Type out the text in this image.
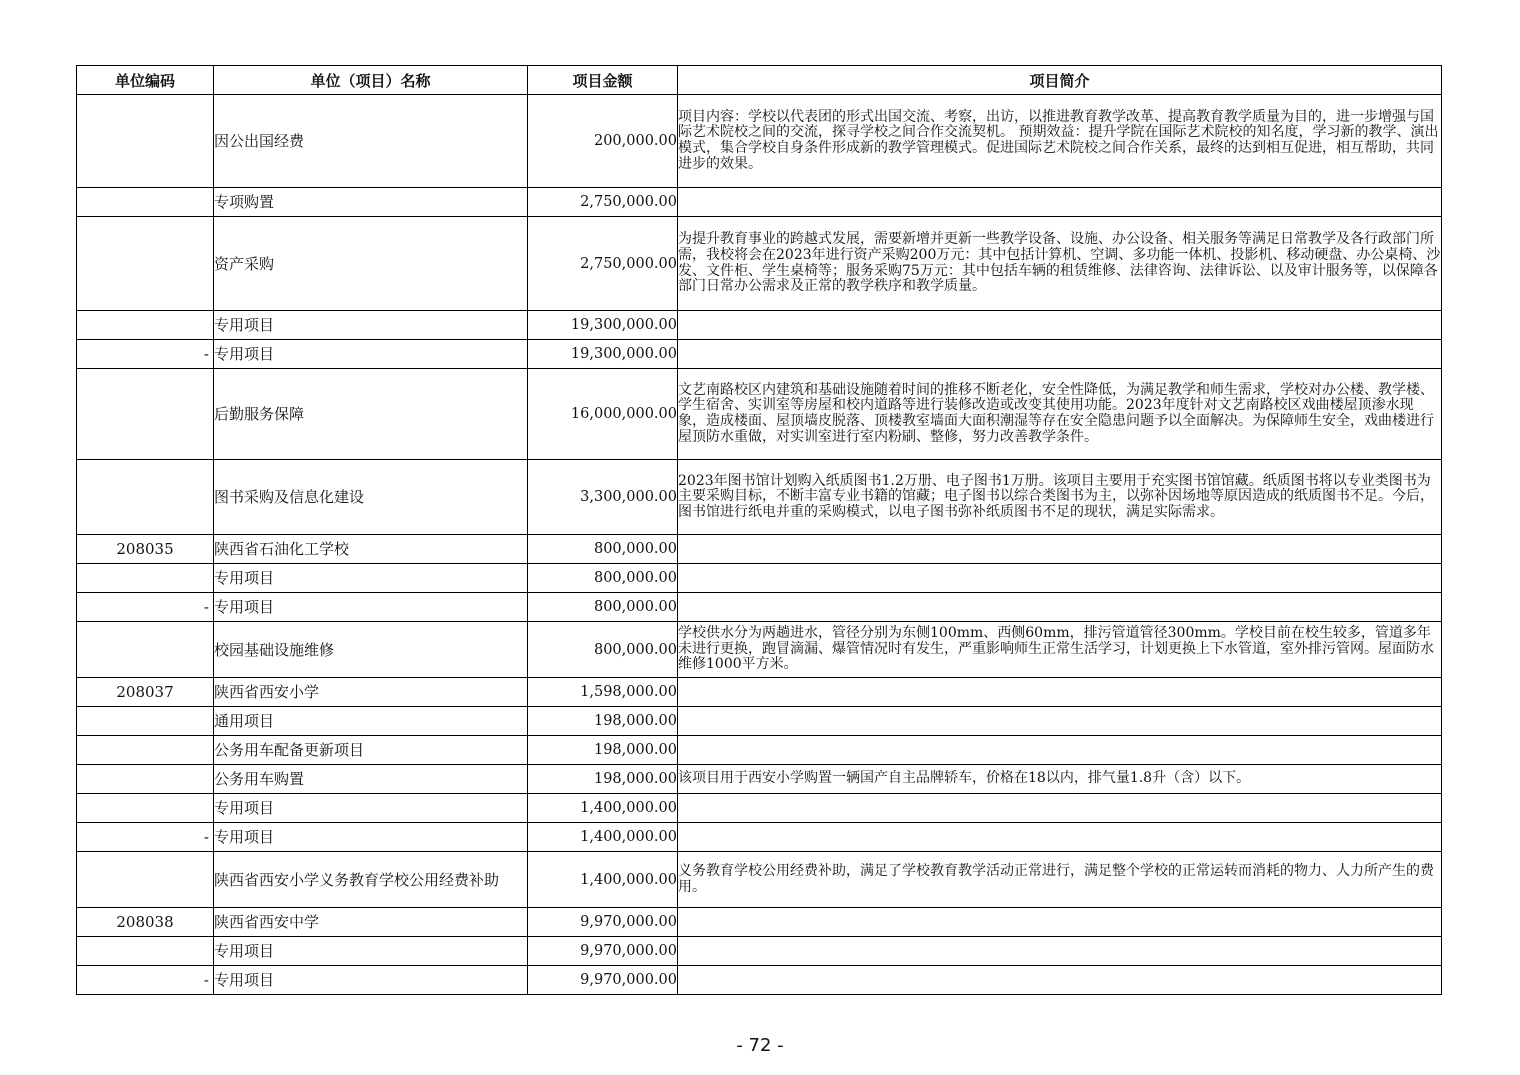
单位编码	单位（项目）名称	项目金额	项目简介
	因公出国经费	200,000.00	项目内容：学校以代表团的形式出国交流、考察，出访，以推进教育教学改革、提高教育教学质量为目的，进一步增强与国际艺术院校之间的交流，探寻学校之间合作交流契机。 预期效益：提升学院在国际艺术院校的知名度，学习新的教学、演出模式，集合学校自身条件形成新的教学管理模式。促进国际艺术院校之间合作关系，最终的达到相互促进，相互帮助，共同进步的效果。
	专项购置	2,750,000.00	
	资产采购	2,750,000.00	为提升教育事业的跨越式发展，需要新增并更新一些教学设备、设施、办公设备、相关服务等满足日常教学及各行政部门所需，我校将会在2023年进行资产采购200万元：其中包括计算机、空调、多功能一体机、投影机、移动硬盘、办公桌椅、沙发、文件柜、学生桌椅等；服务采购75万元：其中包括车辆的租赁维修、法律咨询、法律诉讼、以及审计服务等，以保障各部门日常办公需求及正常的教学秩序和教学质量。
	专用项目	19,300,000.00	
-	专用项目	19,300,000.00	
	后勤服务保障	16,000,000.00	文艺南路校区内建筑和基础设施随着时间的推移不断老化，安全性降低，为满足教学和师生需求，学校对办公楼、教学楼、学生宿舍、实训室等房屋和校内道路等进行装修改造或改变其使用功能。2023年度针对文艺南路校区戏曲楼屋顶渗水现象，造成楼面、屋顶墙皮脱落、顶楼教室墙面大面积潮湿等存在安全隐患问题予以全面解决。为保障师生安全，戏曲楼进行屋顶防水重做，对实训室进行室内粉刷、整修，努力改善教学条件。
	图书采购及信息化建设	3,300,000.00	2023年图书馆计划购入纸质图书1.2万册、电子图书1万册。该项目主要用于充实图书馆馆藏。纸质图书将以专业类图书为主要采购目标，不断丰富专业书籍的馆藏；电子图书以综合类图书为主，以弥补因场地等原因造成的纸质图书不足。今后，图书馆进行纸电并重的采购模式，以电子图书弥补纸质图书不足的现状，满足实际需求。
208035	陕西省石油化工学校	800,000.00	
	专用项目	800,000.00	
-	专用项目	800,000.00	
	校园基础设施维修	800,000.00	学校供水分为两趟进水，管径分别为东侧100mm、西侧60mm，排污管道管径300mm。学校目前在校生较多，管道多年未进行更换，跑冒滴漏、爆管情况时有发生，严重影响师生正常生活学习，计划更换上下水管道，室外排污管网。屋面防水维修1000平方米。
208037	陕西省西安小学	1,598,000.00	
	通用项目	198,000.00	
	公务用车配备更新项目	198,000.00	
	公务用车购置	198,000.00	该项目用于西安小学购置一辆国产自主品牌轿车，价格在18以内，排气量1.8升（含）以下。
	专用项目	1,400,000.00	
-	专用项目	1,400,000.00	
	陕西省西安小学义务教育学校公用经费补助	1,400,000.00	义务教育学校公用经费补助，满足了学校教育教学活动正常进行，满足整个学校的正常运转而消耗的物力、人力所产生的费用。
208038	陕西省西安中学	9,970,000.00	
	专用项目	9,970,000.00	
-	专用项目	9,970,000.00	
- 72 -
